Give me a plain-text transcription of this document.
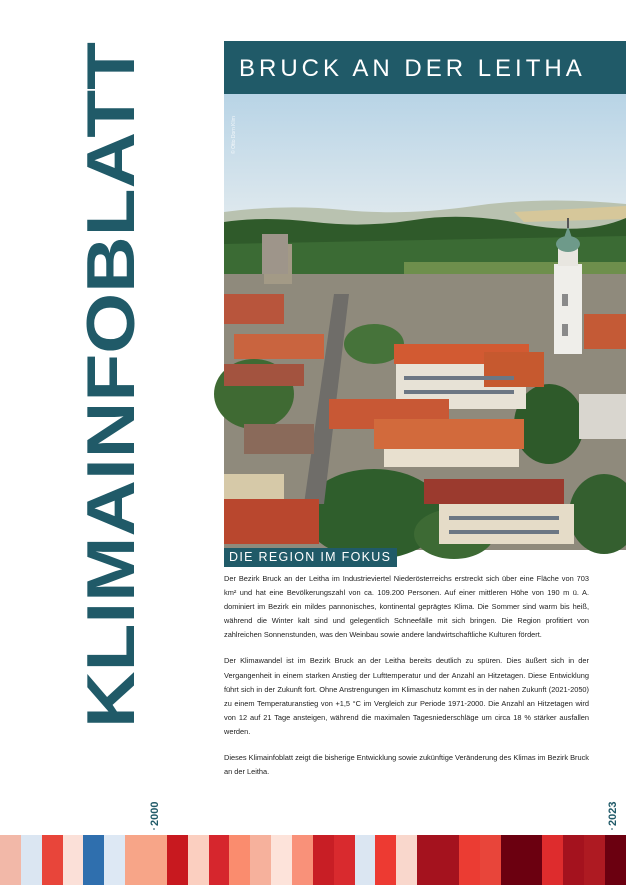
KLIMAINFOBLATT
BRUCK AN DER LEITHA
© Otto Dorn Klim
DIE REGION IM FOKUS

Der Bezirk Bruck an der Leitha im Industrieviertel Niederösterreichs erstreckt sich über eine Fläche von 703 km² und hat eine Bevölkerungszahl von ca. 109.200 Personen. Auf einer mittleren Höhe von 190 m ü. A. dominiert im Bezirk ein mildes pannonisches, kontinental geprägtes Klima. Die Sommer sind warm bis heiß, während die Winter kalt sind und gelegentlich Schneefälle mit sich bringen. Die Region profitiert von zahlreichen Sonnenstunden, was den Weinbau sowie andere landwirtschaftliche Kulturen fördert.

Der Klimawandel ist im Bezirk Bruck an der Leitha bereits deutlich zu spüren. Dies äußert sich in der Vergangenheit in einem starken Anstieg der Lufttemperatur und der Anzahl an Hitzetagen. Diese Entwicklung führt sich in der Zukunft fort. Ohne Anstrengungen im Klimaschutz kommt es in der nahen Zukunft (2021-2050) zu einem Temperaturanstieg von +1,5 °C im Vergleich zur Periode 1971-2000. Die Anzahl an Hitzetagen wird von 12 auf 21 Tage ansteigen, während die maximalen Tagesniederschläge um circa 18 % stärker ausfallen werden.

Dieses Klimainfoblatt zeigt die bisherige Entwicklung sowie zukünftige Veränderung des Klimas im Bezirk Bruck an der Leitha.

2000	2023
